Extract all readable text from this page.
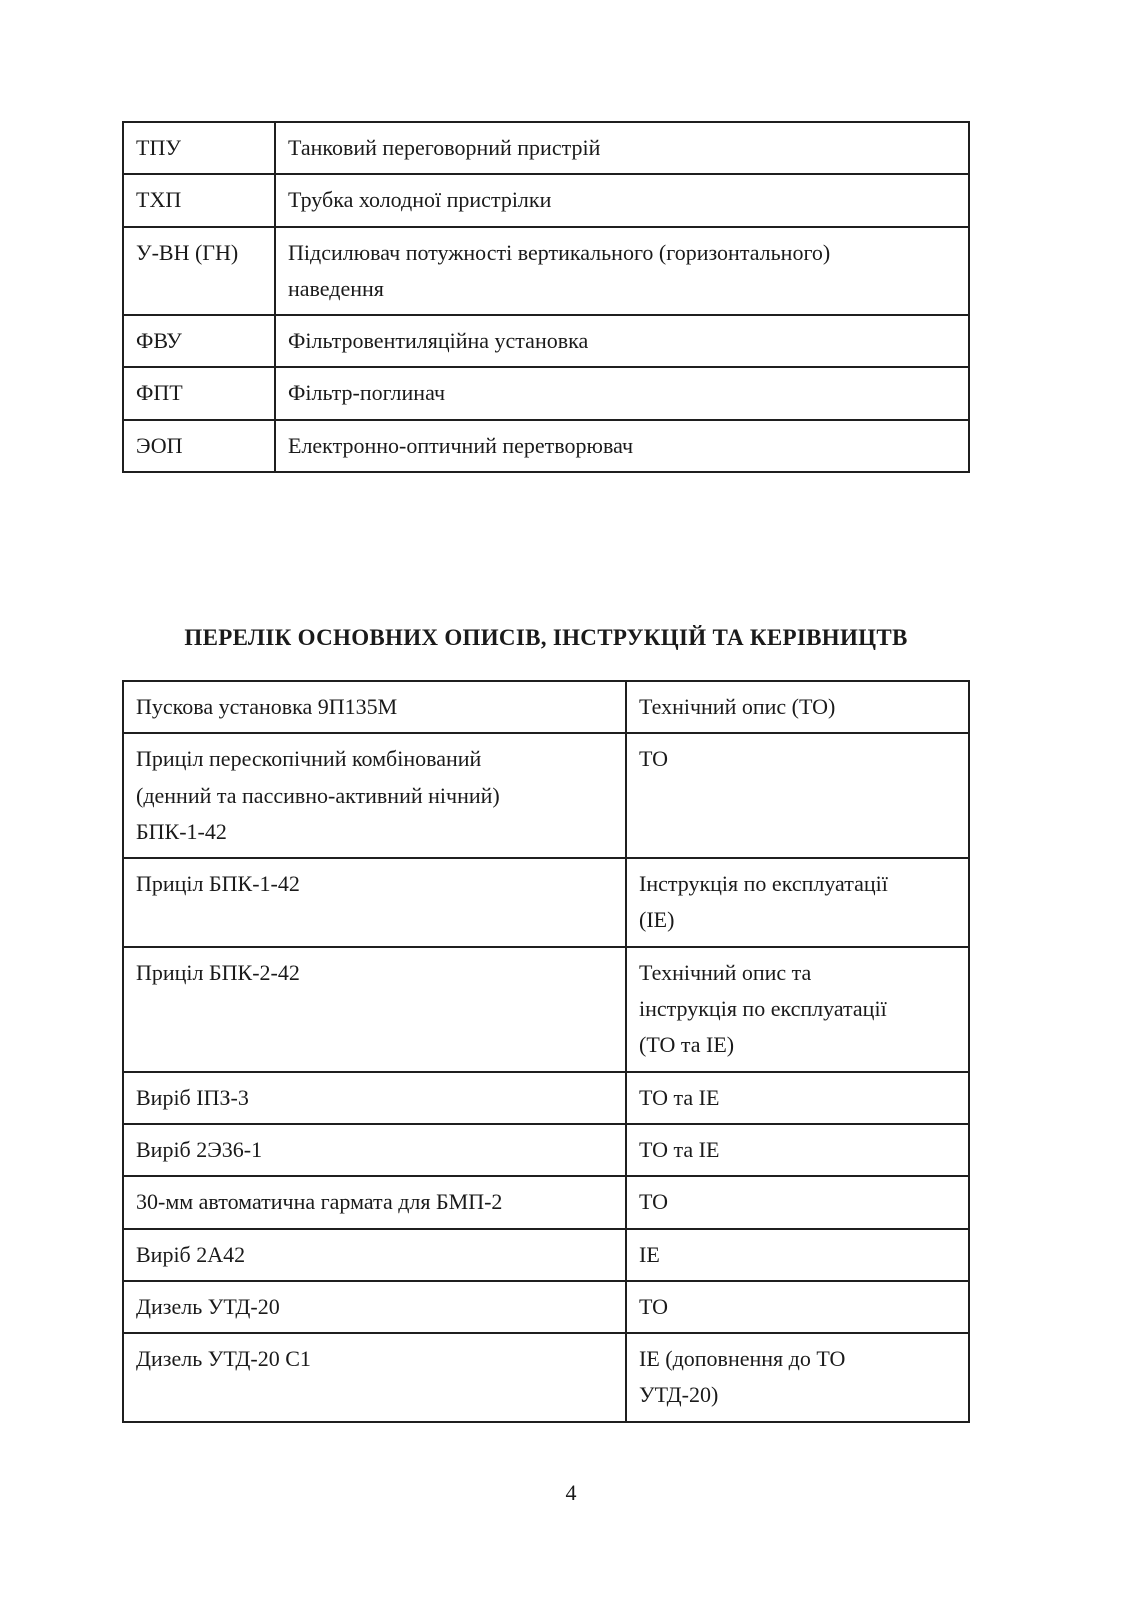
ТПУ	Танковий переговорний пристрій
ТХП	Трубка холодної пристрілки
У-ВН (ГН)	Підсилювач потужності вертикального (горизонтального) наведення
ФВУ	Фільтровентиляційна установка
ФПТ	Фільтр-поглинач
ЭОП	Електронно-оптичний перетворювач
ПЕРЕЛІК ОСНОВНИХ ОПИСІВ, ІНСТРУКЦІЙ ТА КЕРІВНИЦТВ
Пускова установка 9П135М	Технічний опис (ТО)
Приціл перескопічний комбінований (денний та пассивно-активний нічний) БПК-1-42	ТО
Приціл БПК-1-42	Інструкція по експлуатації (ІЕ)
Приціл БПК-2-42	Технічний опис та інструкція по експлуатації (ТО та ІЕ)
Виріб ІПЗ-3	ТО та ІЕ
Виріб 2Э36-1	ТО та ІЕ
30-мм автоматична гармата для БМП-2	ТО
Виріб 2А42	ІЕ
Дизель УТД-20	ТО
Дизель УТД-20 С1	ІЕ (доповнення до ТО УТД-20)
4
